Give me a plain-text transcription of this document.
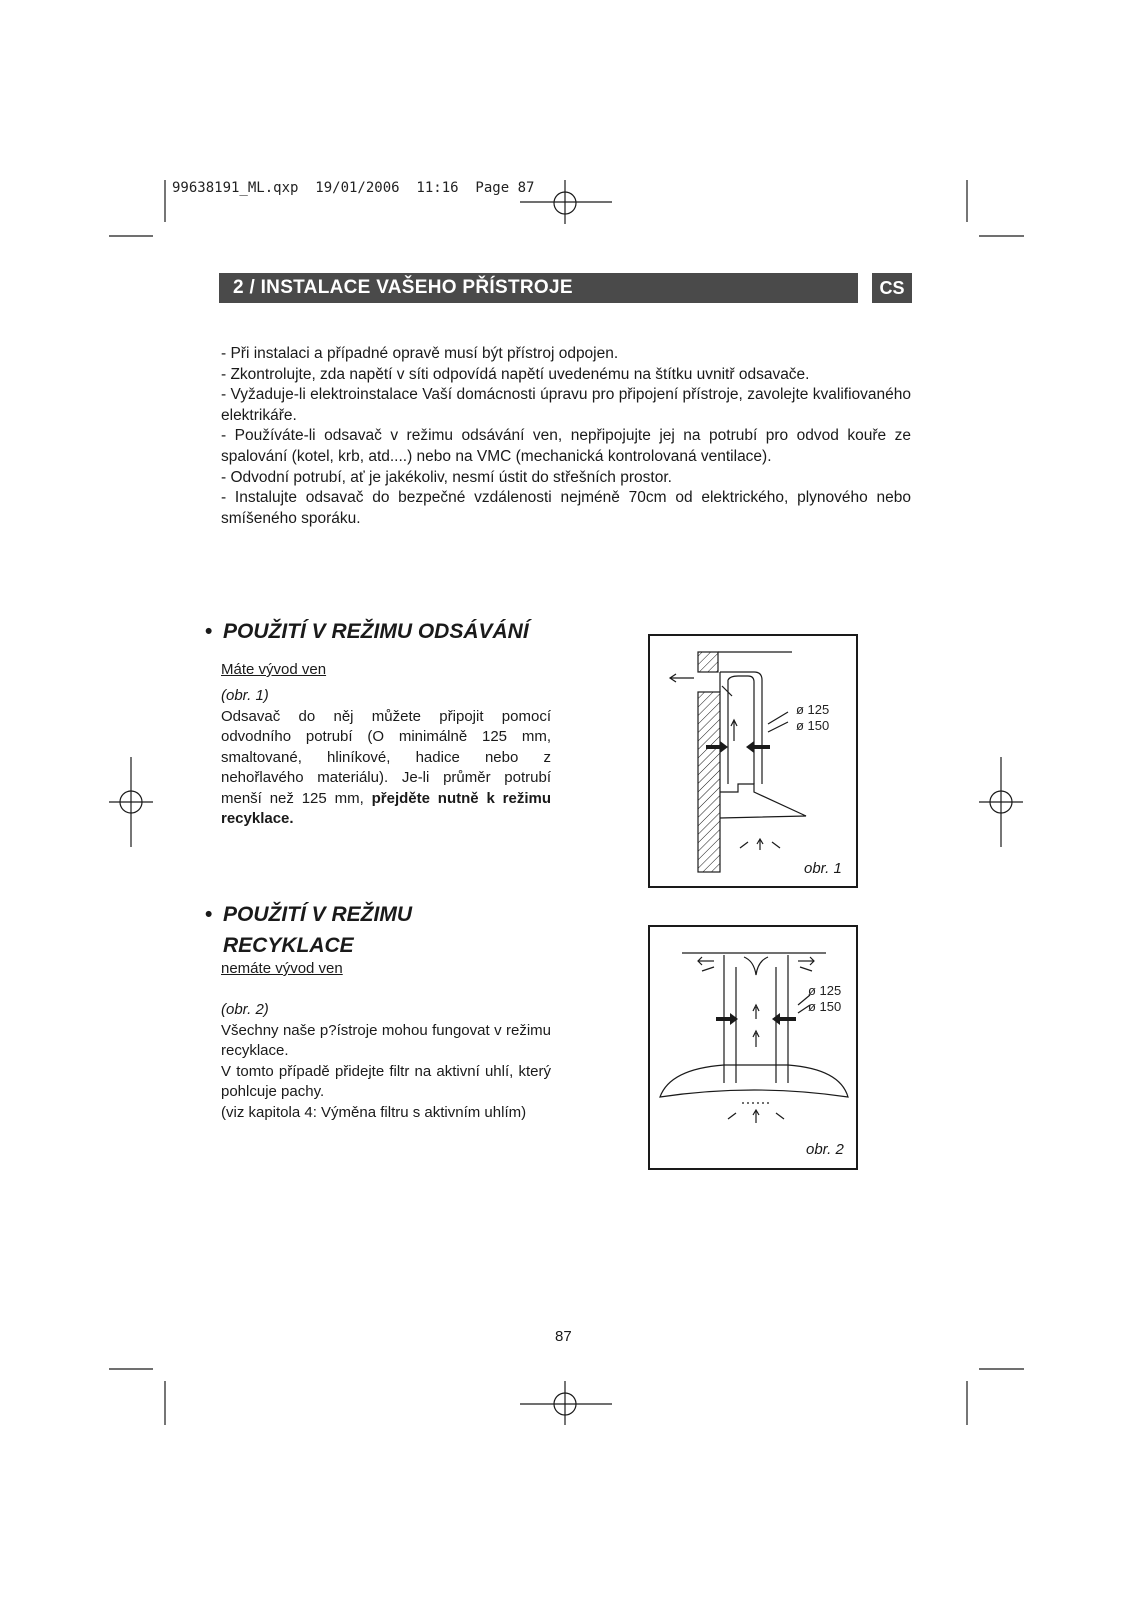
99638191_ML.qxp  19/01/2006  11:16  Page 87
2 / INSTALACE VAŠEHO PŘÍSTROJE	CS
- Při instalaci a případné opravě musí být přístroj odpojen.
- Zkontrolujte, zda napětí v síti odpovídá napětí uvedenému na štítku uvnitř odsavače.
- Vyžaduje-li elektroinstalace Vaší domácnosti úpravu pro připojení přístroje, zavolejte kvalifiovaného elektrikáře.
- Používáte-li odsavač v režimu odsávání ven, nepřipojujte jej na potrubí pro odvod kouře ze spalování (kotel, krb, atd....) nebo na VMC (mechanická kontrolovaná ventilace).
- Odvodní potrubí, ať je jakékoliv, nesmí ústit do střešních prostor.
- Instalujte odsavač do bezpečné vzdálenosti nejméně 70cm od elektrického, plynového nebo smíšeného sporáku.
• POUŽITÍ V REŽIMU ODSÁVÁNÍ
Máte vývod ven

(obr. 1)

Odsavač do něj můžete připojit pomocí odvodního potrubí (O minimálně 125 mm, smaltované, hliníkové, hadice nebo z nehořlavého materiálu). Je-li průměr potrubí menší než 125 mm, přejděte nutně k režimu recyklace.

• POUŽITÍ V REŽIMU
RECYKLACE
nemáte vývod ven

(obr. 2)

Všechny naše p?ístroje mohou fungovat v režimu recyklace.

V tomto případě přidejte filtr na aktivní uhlí, který pohlcuje pachy.

(viz kapitola 4: Výměna filtru s aktivním uhlím)

ø 125
ø 150
obr. 1
ø 125
ø 150
obr. 2
87
